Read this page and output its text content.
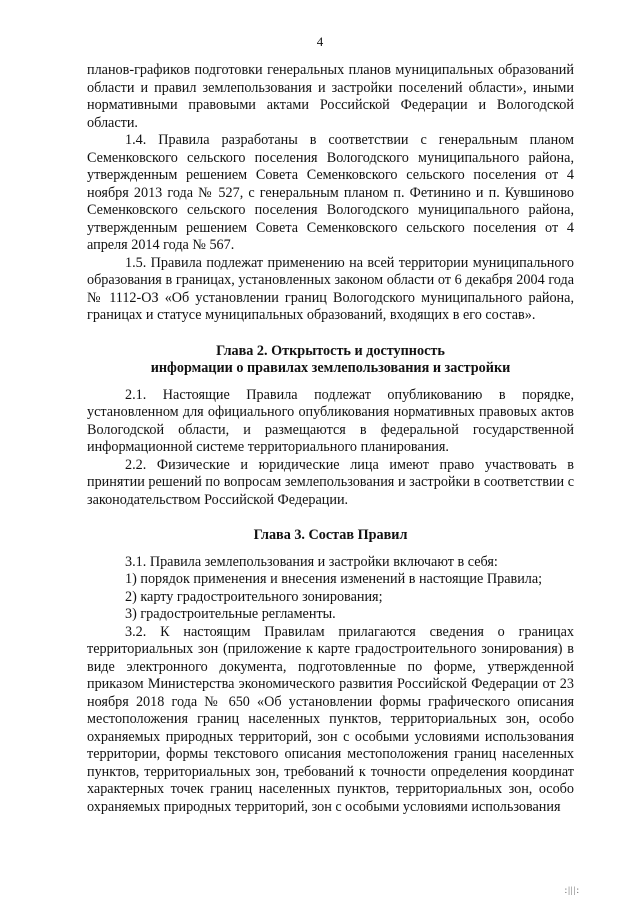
4

планов-графиков подготовки генеральных планов муниципальных образований области и правил землепользования и застройки поселений области», иными нормативными правовыми актами Российской Федерации и Вологодской области.

1.4. Правила разработаны в соответствии с генеральным планом Семенковского сельского поселения Вологодского муниципального района, утвержденным решением Совета Семенковского сельского поселения от 4 ноября 2013 года № 527, с генеральным планом п. Фетинино и п. Кувшиново Семенковского сельского поселения Вологодского муниципального района, утвержденным решением Совета Семенковского сельского поселения от 4 апреля 2014 года № 567.

1.5. Правила подлежат применению на всей территории муниципального образования в границах, установленных законом области от 6 декабря 2004 года № 1112-ОЗ «Об установлении границ Вологодского муниципального района, границах и статусе муниципальных образований, входящих в его состав».

Глава 2. Открытость и доступность
информации о правилах землепользования и застройки

2.1. Настоящие Правила подлежат опубликованию в порядке, установленном для официального опубликования нормативных правовых актов Вологодской области, и размещаются в федеральной государственной информационной системе территориального планирования.

2.2. Физические и юридические лица имеют право участвовать в принятии решений по вопросам землепользования и застройки в соответствии с законодательством Российской Федерации.

Глава 3. Состав Правил

3.1. Правила землепользования и застройки включают в себя:

1) порядок применения и внесения изменений в настоящие Правила;

2) карту градостроительного зонирования;

3) градостроительные регламенты.

3.2. К настоящим Правилам прилагаются сведения о границах территориальных зон (приложение к карте градостроительного зонирования) в виде электронного документа, подготовленные по форме, утвержденной приказом Министерства экономического развития Российской Федерации от 23 ноября 2018 года № 650 «Об установлении формы графического описания местоположения границ населенных пунктов, территориальных зон, особо охраняемых природных территорий, зон с особыми условиями использования территории, формы текстового описания местоположения границ населенных пунктов, территориальных зон, требований к точности определения координат характерных точек границ населенных пунктов, территориальных зон, особо охраняемых природных территорий, зон с особыми условиями использования

:|||:
